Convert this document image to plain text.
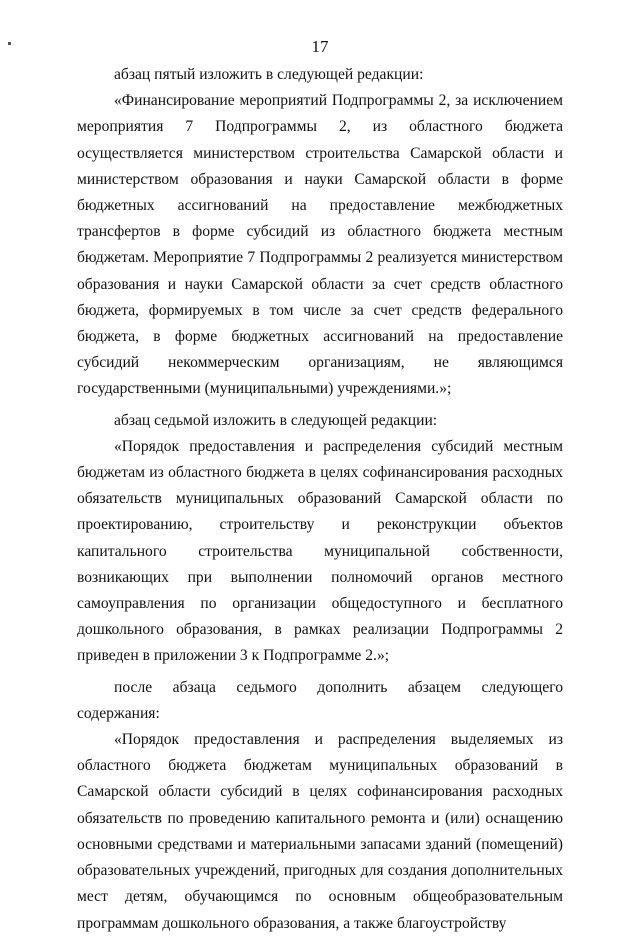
17

абзац пятый изложить в следующей редакции:

«Финансирование мероприятий Подпрограммы 2, за исключением мероприятия 7 Подпрограммы 2, из областного бюджета осуществляется министерством строительства Самарской области и министерством образования и науки Самарской области в форме бюджетных ассигнований на предоставление межбюджетных трансфертов в форме субсидий из областного бюджета местным бюджетам. Мероприятие 7 Подпрограммы 2 реализуется министерством образования и науки Самарской области за счет средств областного бюджета, формируемых в том числе за счет средств федерального бюджета, в форме бюджетных ассигнований на предоставление субсидий некоммерческим организациям, не являющимся государственными (муниципальными) учреждениями.»;

абзац седьмой изложить в следующей редакции:

«Порядок предоставления и распределения субсидий местным бюджетам из областного бюджета в целях софинансирования расходных обязательств муниципальных образований Самарской области по проектированию, строительству и реконструкции объектов капитального строительства муниципальной собственности, возникающих при выполнении полномочий органов местного самоуправления по организации общедоступного и бесплатного дошкольного образования, в рамках реализации Подпрограммы 2 приведен в приложении 3 к Подпрограмме 2.»;

после абзаца седьмого дополнить абзацем следующего содержания:

«Порядок предоставления и распределения выделяемых из областного бюджета бюджетам муниципальных образований в Самарской области субсидий в целях софинансирования расходных обязательств по проведению капитального ремонта и (или) оснащению основными средствами и материальными запасами зданий (помещений) образовательных учреждений, пригодных для создания дополнительных мест детям, обучающимся по основным общеобразовательным программам дошкольного образования, а также благоустройству
